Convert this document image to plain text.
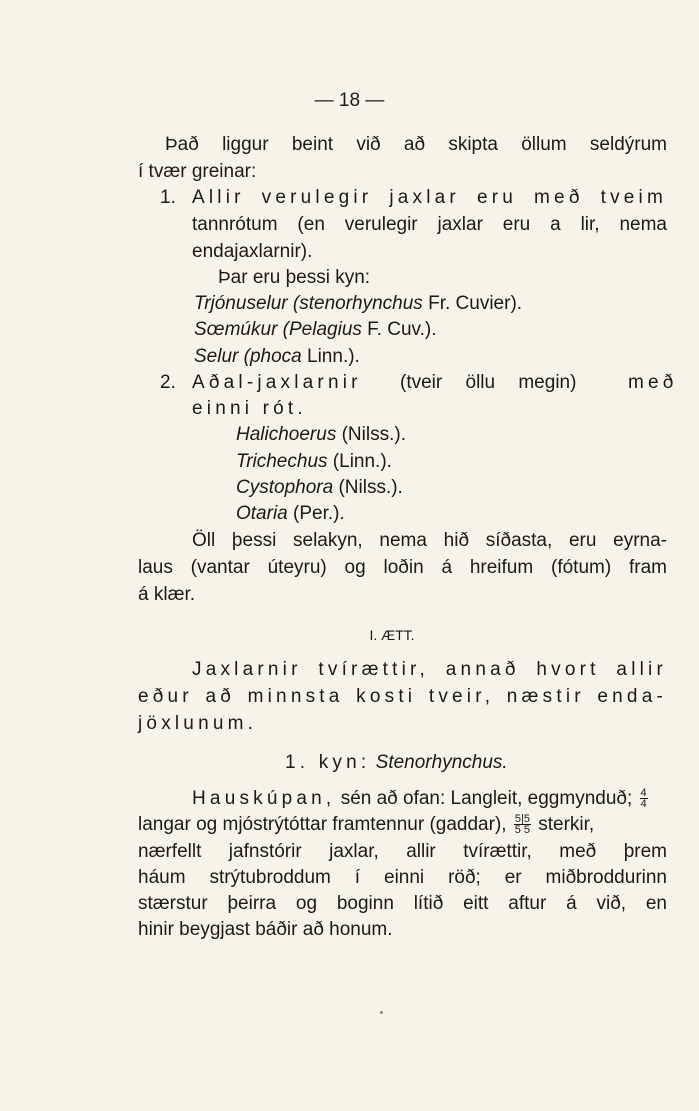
— 18 —
Það liggur beint við að skipta öllum seldýrum
í tvær greinar:
1. Allir verulegir jaxlar eru með tveim
tannrótum (en verulegir jaxlar eru a lir, nema
endajaxlarnir).
Þar eru þessi kyn:
Trjónuselur (stenorhynchus Fr. Cuvier).
Sœmúkur (Pelagius F. Cuv.).
Selur (phoca Linn.).
2. Aðal-jaxlarnir (tveir öllu megin)	með
einni rót.
Halichoerus (Nilss.).
Trichechus (Linn.).
Cystophora (Nilss.).
Otaria (Per.).
Öll þessi selakyn, nema hið síðasta, eru eyrna-
laus (vantar úteyru) og loðin á hreifum (fótum) fram
á klær.
I. ÆTT.
Jaxlarnir tvírættir, annað hvort allir
eður að minnsta kosti tveir, næstir enda-
jöxlunum.
1. kyn: Stenorhynchus.
Hauskúpan, sén að ofan: Langleit, eggmynduð; $\frac{4}{4}$
langar og mjóstrýtóttar framtennur (gaddar), $\frac{5|5}{5 5}$ sterkir,
nærfellt jafnstórir jaxlar, allir tvírættir, með þrem
háum strýtubroddum í einni röð; er miðbroddurinn
stærstur þeirra og boginn lítið eitt aftur á við, en
hinir beygjast báðir að honum.
